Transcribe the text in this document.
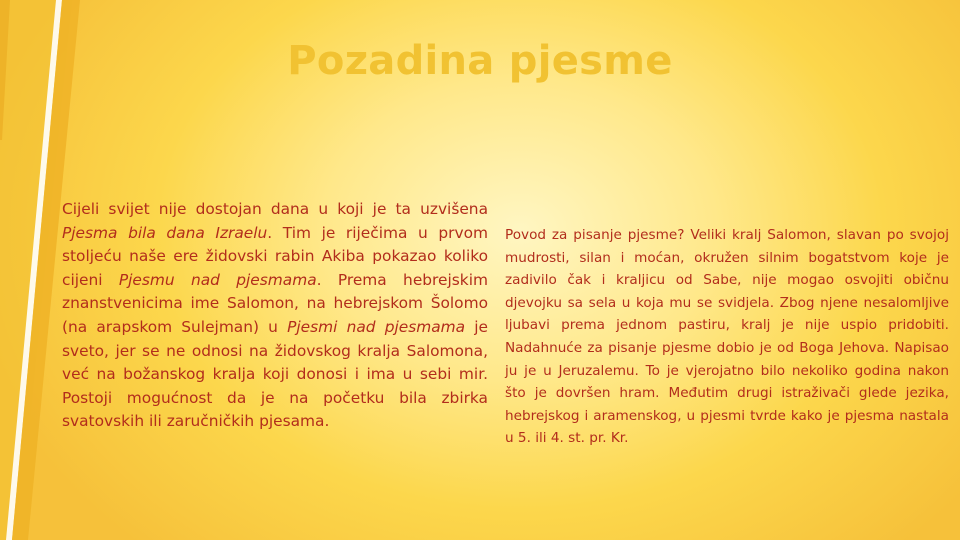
Pozadina pjesme

Cijeli svijet nije dostojan dana u koji je ta uzvišena Pjesma bila dana Izraelu. Tim je riječima u prvom stoljeću naše ere židovski rabin Akiba pokazao koliko cijeni Pjesmu nad pjesmama. Prema hebrejskim znanstvenicima ime Salomon, na hebrejskom Šolomo (na arapskom Sulejman) u Pjesmi nad pjesmama je sveto, jer se ne odnosi na židovskog kralja Salomona, već na božanskog kralja koji donosi i ima u sebi mir. Postoji mogućnost da je na početku bila zbirka svatovskih ili zaručničkih pjesama.

Povod za pisanje pjesme? Veliki kralj Salomon, slavan po svojoj mudrosti, silan i moćan, okružen silnim bogatstvom koje je zadivilo čak i kraljicu od Sabe, nije mogao osvojiti običnu djevojku sa sela u koja mu se svidjela. Zbog njene nesalomljive ljubavi prema jednom pastiru, kralj je nije uspio pridobiti. Nadahnuće za pisanje pjesme dobio je od Boga Jehova. Napisao ju je u Jeruzalemu. To je vjerojatno bilo nekoliko godina nakon što je dovršen hram. Međutim drugi istraživači glede jezika, hebrejskog i aramenskog, u pjesmi tvrde kako je pjesma nastala u 5. ili 4. st. pr. Kr.
